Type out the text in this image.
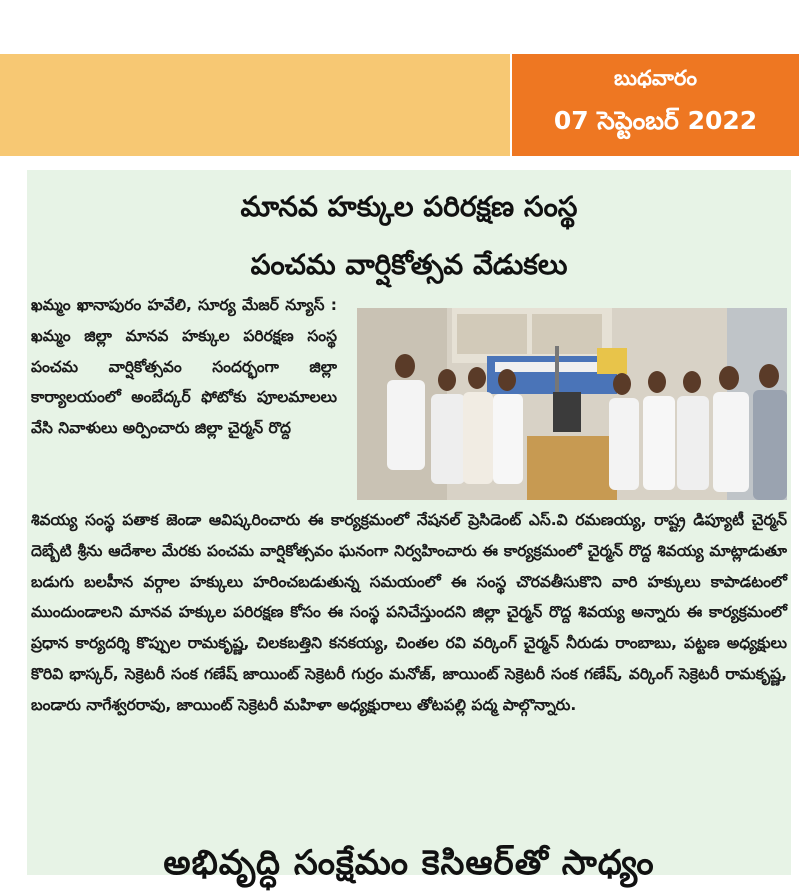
బుధవారం
07 సెప్టెంబర్ 2022
మానవ హక్కుల పరిరక్షణ సంస్థ
పంచమ వార్షికోత్సవ వేడుకలు
ఖమ్మం ఖానాపురం హవేలి, సూర్య మేజర్ న్యూస్ : ఖమ్మం జిల్లా మానవ హక్కుల పరిరక్షణ సంస్థ పంచమ వార్షికోత్సవం సందర్భంగా జిల్లా కార్యాలయంలో అంబేద్కర్ ఫోటోకు పూలమాలలు వేసి నివాళులు అర్పించారు జిల్లా చైర్మన్ రొద్ద
శివయ్య సంస్థ పతాక జెండా ఆవిష్కరించారు ఈ కార్యక్రమంలో నేషనల్ ప్రెసిడెంట్ ఎస్.వి రమణయ్య, రాష్ట్ర డిప్యూటీ చైర్మన్ దెబ్బేటి శ్రీను ఆదేశాల మేరకు పంచమ వార్షికోత్సవం ఘనంగా నిర్వహించారు ఈ కార్యక్రమంలో చైర్మన్ రొద్ద శివయ్య మాట్లాడుతూ బడుగు బలహీన వర్గాల హక్కులు హరించబడుతున్న సమయంలో ఈ సంస్థ చొరవతీసుకొని వారి హక్కులు కాపాడటంలో ముందుండాలని మానవ హక్కుల పరిరక్షణ కోసం ఈ సంస్థ పనిచేస్తుందని జిల్లా చైర్మన్ రొద్ద శివయ్య అన్నారు ఈ కార్యక్రమంలో ప్రధాన కార్యదర్శి కొప్పుల రామకృష్ణ, చిలకబత్తిని కనకయ్య, చింతల రవి వర్కింగ్ చైర్మన్ నీరుడు రాంబాబు, పట్టణ అధ్యక్షులు కొరివి భాస్కర్, సెక్రెటరీ సంక గణేష్ జాయింట్ సెక్రెటరీ గుర్రం మనోజ్, జాయింట్ సెక్రెటరీ సంక గణేష్, వర్కింగ్ సెక్రెటరీ రామకృష్ణ, బండారు నాగేశ్వరరావు, జాయింట్ సెక్రెటరీ మహిళా అధ్యక్షురాలు తోటపల్లి పద్మ పాల్గొన్నారు.
అభివృద్ధి సంక్షేమం కెసిఆర్‌తో సాధ్యం
